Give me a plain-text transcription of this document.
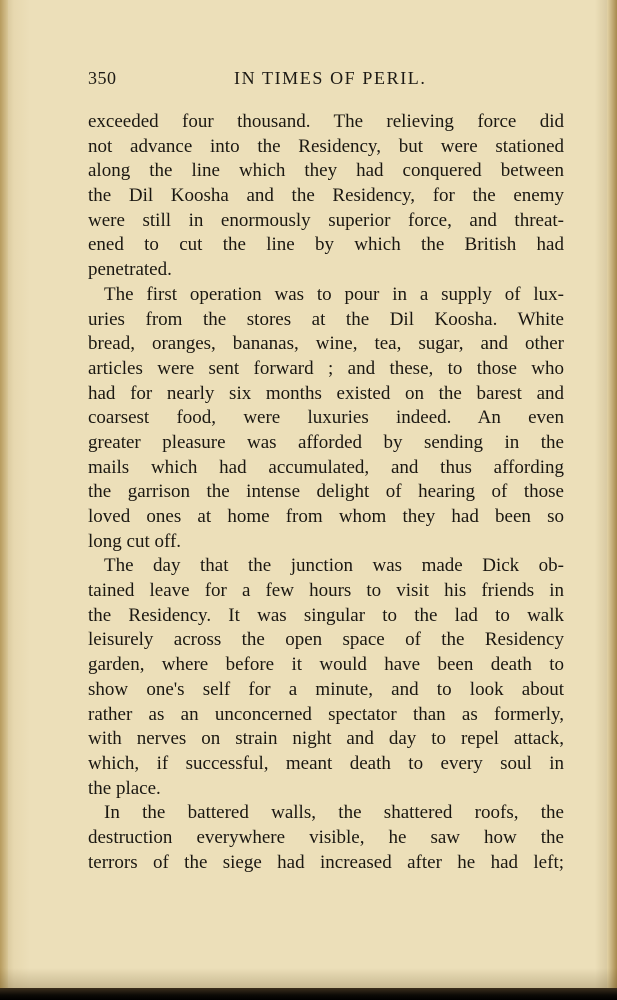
350	IN TIMES OF PERIL.
exceeded four thousand. The relieving force did
not advance into the Residency, but were stationed
along the line which they had conquered between
the Dil Koosha and the Residency, for the enemy
were still in enormously superior force, and threat-
ened to cut the line by which the British had
penetrated.
The first operation was to pour in a supply of lux-
uries from the stores at the Dil Koosha. White
bread, oranges, bananas, wine, tea, sugar, and other
articles were sent forward ; and these, to those who
had for nearly six months existed on the barest and
coarsest food, were luxuries indeed. An even
greater pleasure was afforded by sending in the
mails which had accumulated, and thus affording
the garrison the intense delight of hearing of those
loved ones at home from whom they had been so
long cut off.
The day that the junction was made Dick ob-
tained leave for a few hours to visit his friends in
the Residency. It was singular to the lad to walk
leisurely across the open space of the Residency
garden, where before it would have been death to
show one's self for a minute, and to look about
rather as an unconcerned spectator than as formerly,
with nerves on strain night and day to repel attack,
which, if successful, meant death to every soul in
the place.
In the battered walls, the shattered roofs, the
destruction everywhere visible, he saw how the
terrors of the siege had increased after he had left;
